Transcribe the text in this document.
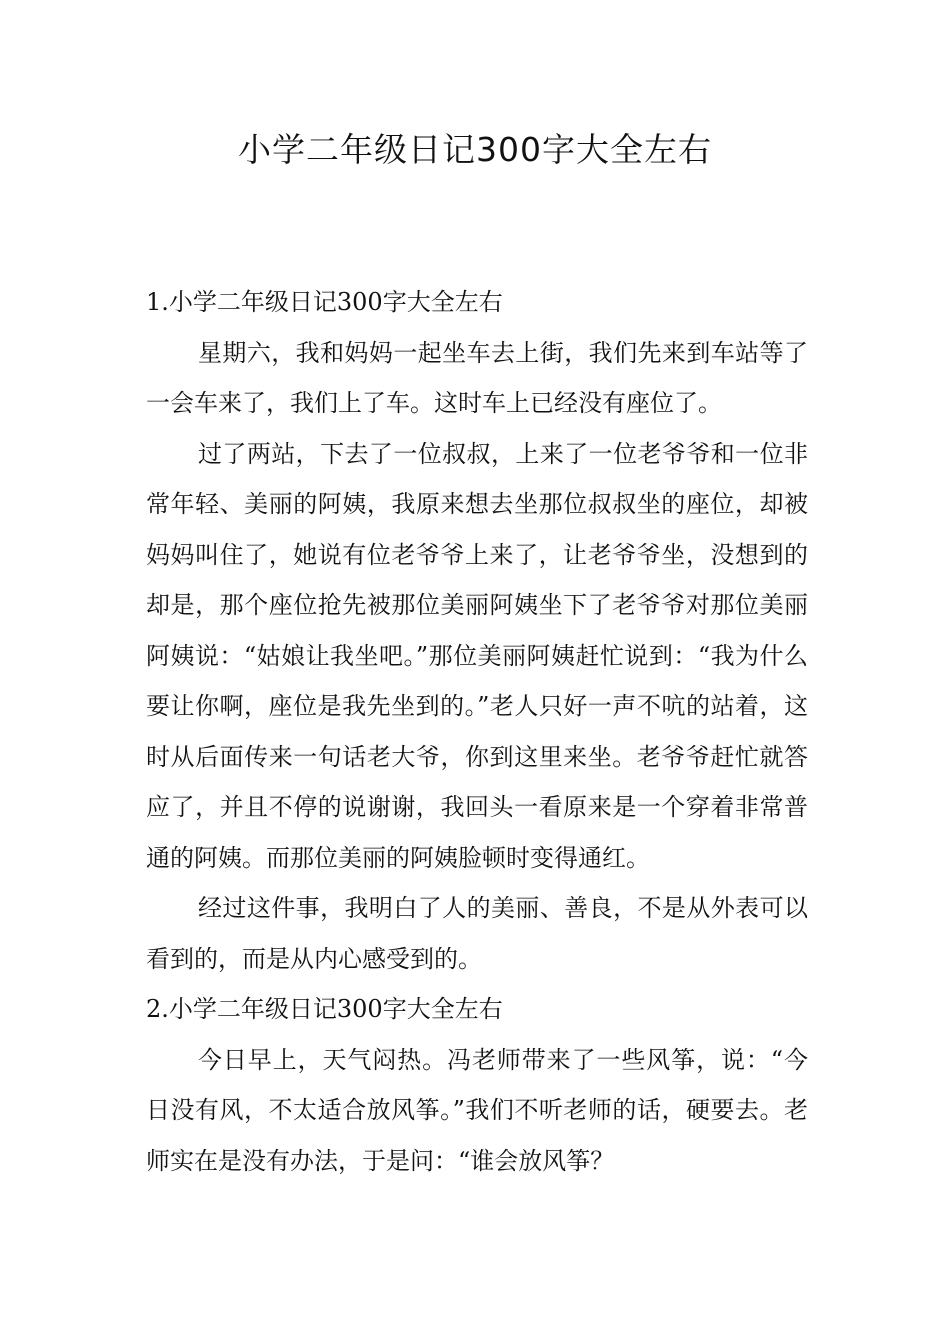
小学二年级日记300字大全左右
1.小学二年级日记300字大全左右

星期六，我和妈妈一起坐车去上街，我们先来到车站等了一会车来了，我们上了车。这时车上已经没有座位了。

过了两站，下去了一位叔叔，上来了一位老爷爷和一位非常年轻、美丽的阿姨，我原来想去坐那位叔叔坐的座位，却被妈妈叫住了，她说有位老爷爷上来了，让老爷爷坐，没想到的却是，那个座位抢先被那位美丽阿姨坐下了老爷爷对那位美丽阿姨说：“姑娘让我坐吧。”那位美丽阿姨赶忙说到：“我为什么要让你啊，座位是我先坐到的。”老人只好一声不吭的站着，这时从后面传来一句话老大爷，你到这里来坐。老爷爷赶忙就答应了，并且不停的说谢谢，我回头一看原来是一个穿着非常普通的阿姨。而那位美丽的阿姨脸顿时变得通红。

经过这件事，我明白了人的美丽、善良，不是从外表可以看到的，而是从内心感受到的。

2.小学二年级日记300字大全左右

今日早上，天气闷热。冯老师带来了一些风筝，说：“今日没有风，不太适合放风筝。”我们不听老师的话，硬要去。老师实在是没有办法，于是问：“谁会放风筝？
